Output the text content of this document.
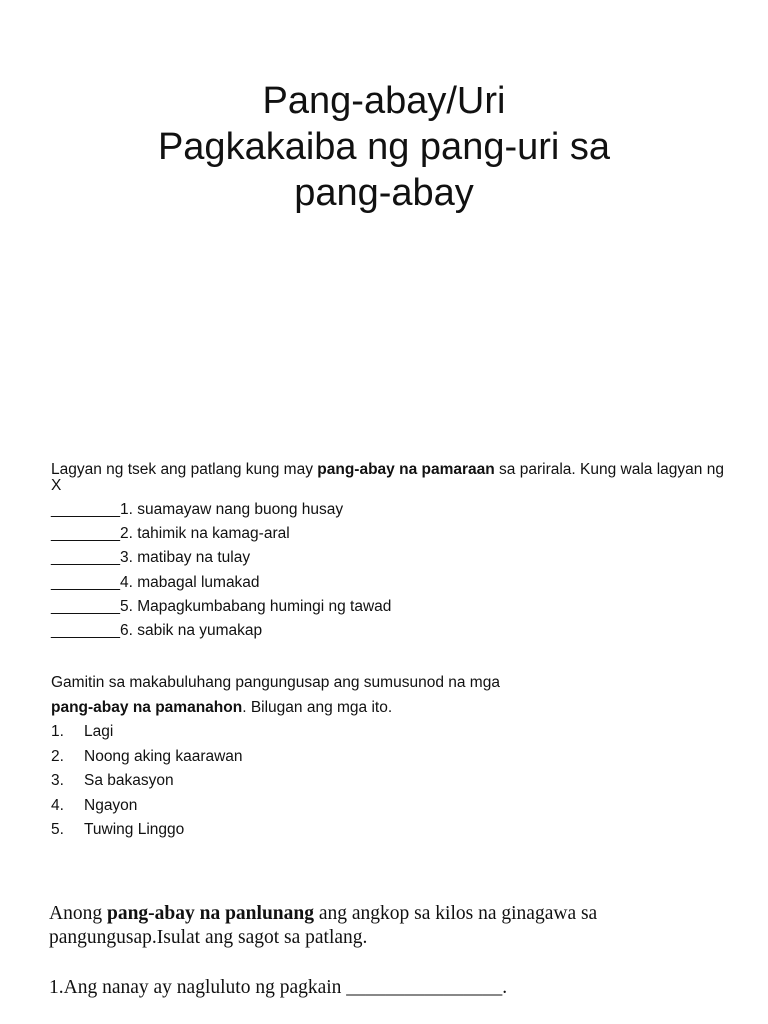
Pang-abay/Uri
Pagkakaiba ng pang-uri sa
pang-abay

Lagyan ng tsek ang patlang kung may pang-abay na pamaraan sa parirala. Kung wala lagyan ng X

________1. suamayaw nang buong husay
________2. tahimik na kamag-aral
________3. matibay na tulay
________4. mabagal lumakad
________5. Mapagkumbabang humingi ng tawad
________6. sabik na yumakap

Gamitin sa makabuluhang pangungusap ang sumusunod na mga
pang-abay na pamanahon. Bilugan ang mga ito.

1. Lagi
2. Noong aking kaarawan
3. Sa bakasyon
4. Ngayon
5. Tuwing Linggo

Anong pang-abay na panlunang ang angkop sa kilos na ginagawa sa pangungusap.Isulat ang sagot sa patlang.

1.Ang nanay ay nagluluto ng pagkain ________________.
